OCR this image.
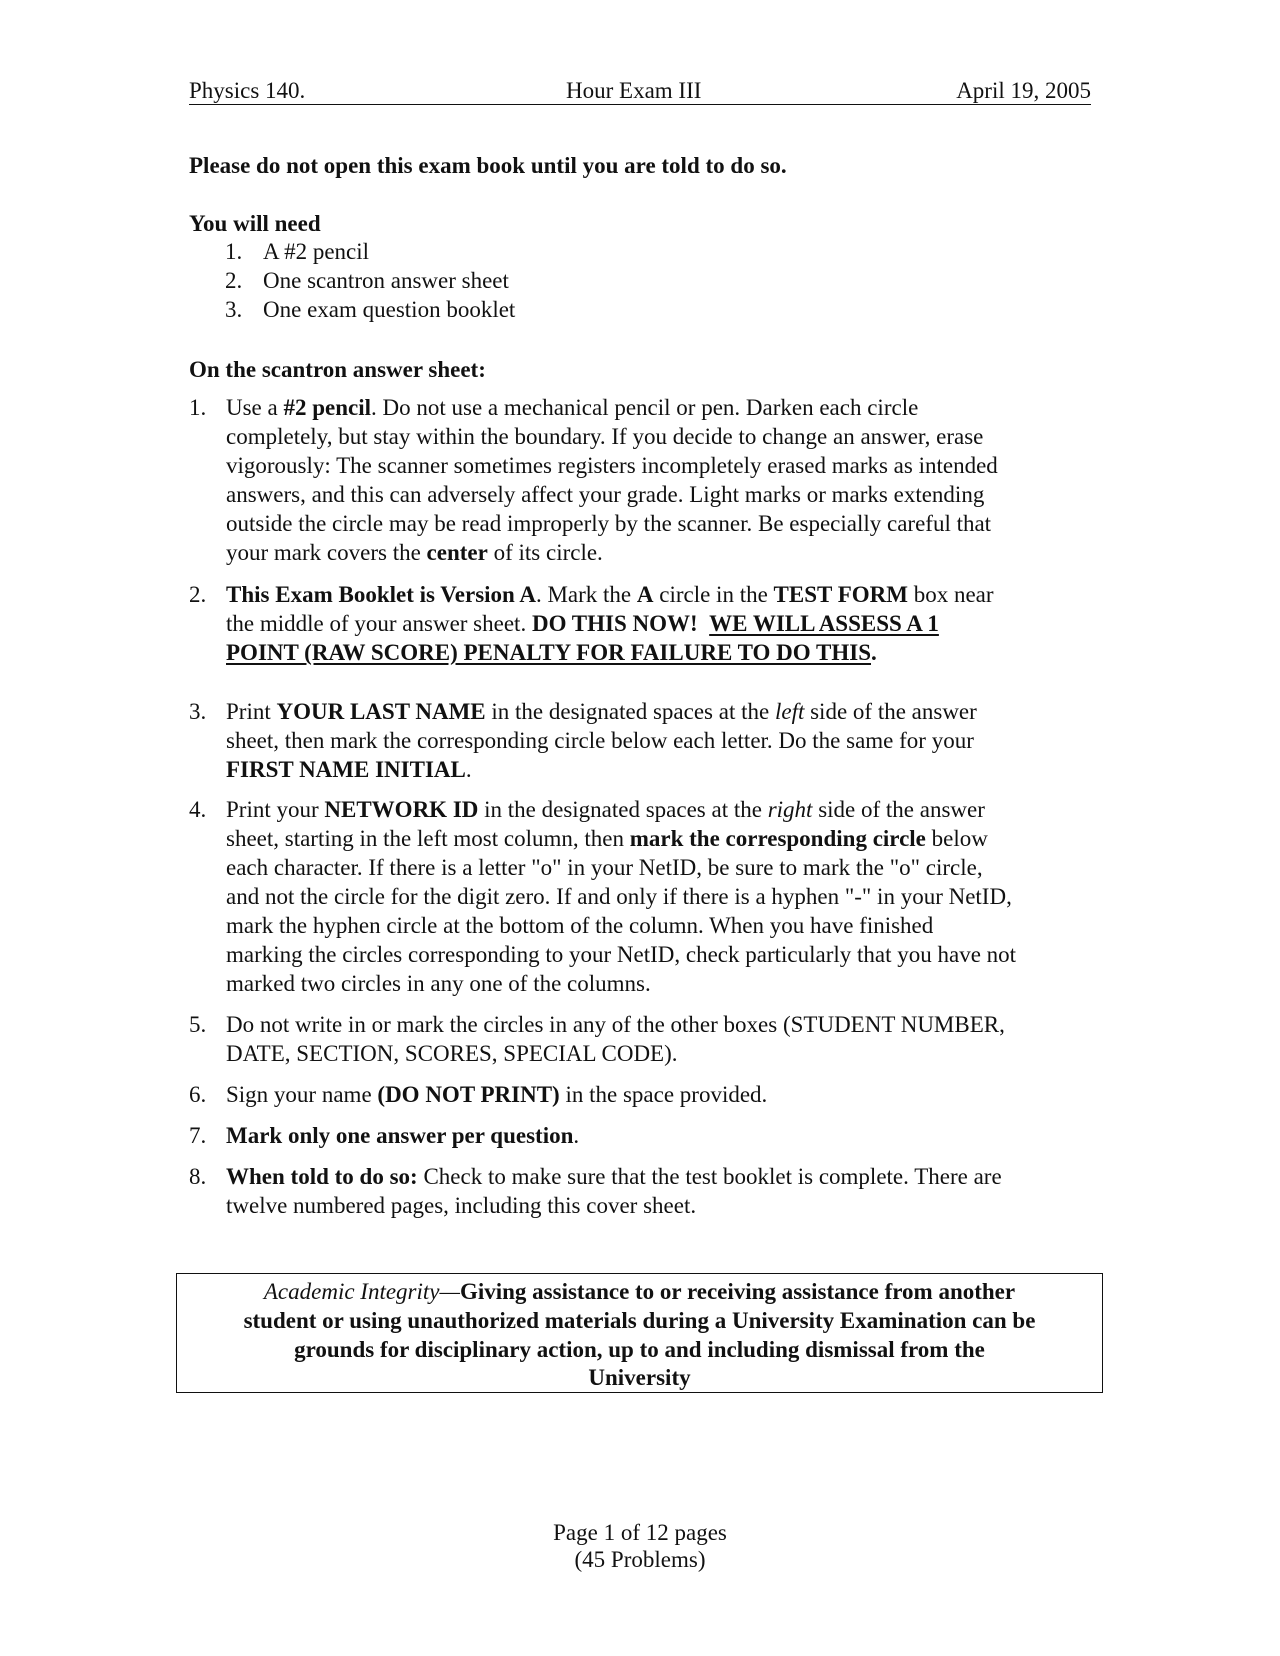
Physics 140.	Hour Exam III	April 19, 2005
Please do not open this exam book until you are told to do so.
You will need
1. A #2 pencil
2. One scantron answer sheet
3. One exam question booklet
On the scantron answer sheet:
1. Use a #2 pencil. Do not use a mechanical pencil or pen. Darken each circle
completely, but stay within the boundary. If you decide to change an answer, erase
vigorously: The scanner sometimes registers incompletely erased marks as intended
answers, and this can adversely affect your grade. Light marks or marks extending
outside the circle may be read improperly by the scanner. Be especially careful that
your mark covers the center of its circle.
2. This Exam Booklet is Version A. Mark the A circle in the TEST FORM box near
the middle of your answer sheet. DO THIS NOW! WE WILL ASSESS A 1
POINT (RAW SCORE) PENALTY FOR FAILURE TO DO THIS.
3. Print YOUR LAST NAME in the designated spaces at the left side of the answer
sheet, then mark the corresponding circle below each letter. Do the same for your
FIRST NAME INITIAL.
4. Print your NETWORK ID in the designated spaces at the right side of the answer
sheet, starting in the left most column, then mark the corresponding circle below
each character. If there is a letter "o" in your NetID, be sure to mark the "o" circle,
and not the circle for the digit zero. If and only if there is a hyphen "-" in your NetID,
mark the hyphen circle at the bottom of the column. When you have finished
marking the circles corresponding to your NetID, check particularly that you have not
marked two circles in any one of the columns.
5. Do not write in or mark the circles in any of the other boxes (STUDENT NUMBER,
DATE, SECTION, SCORES, SPECIAL CODE).
6. Sign your name (DO NOT PRINT) in the space provided.
7. Mark only one answer per question.
8. When told to do so: Check to make sure that the test booklet is complete. There are
twelve numbered pages, including this cover sheet.
Academic Integrity—Giving assistance to or receiving assistance from another
student or using unauthorized materials during a University Examination can be
grounds for disciplinary action, up to and including dismissal from the
University
Page 1 of 12 pages
(45 Problems)
